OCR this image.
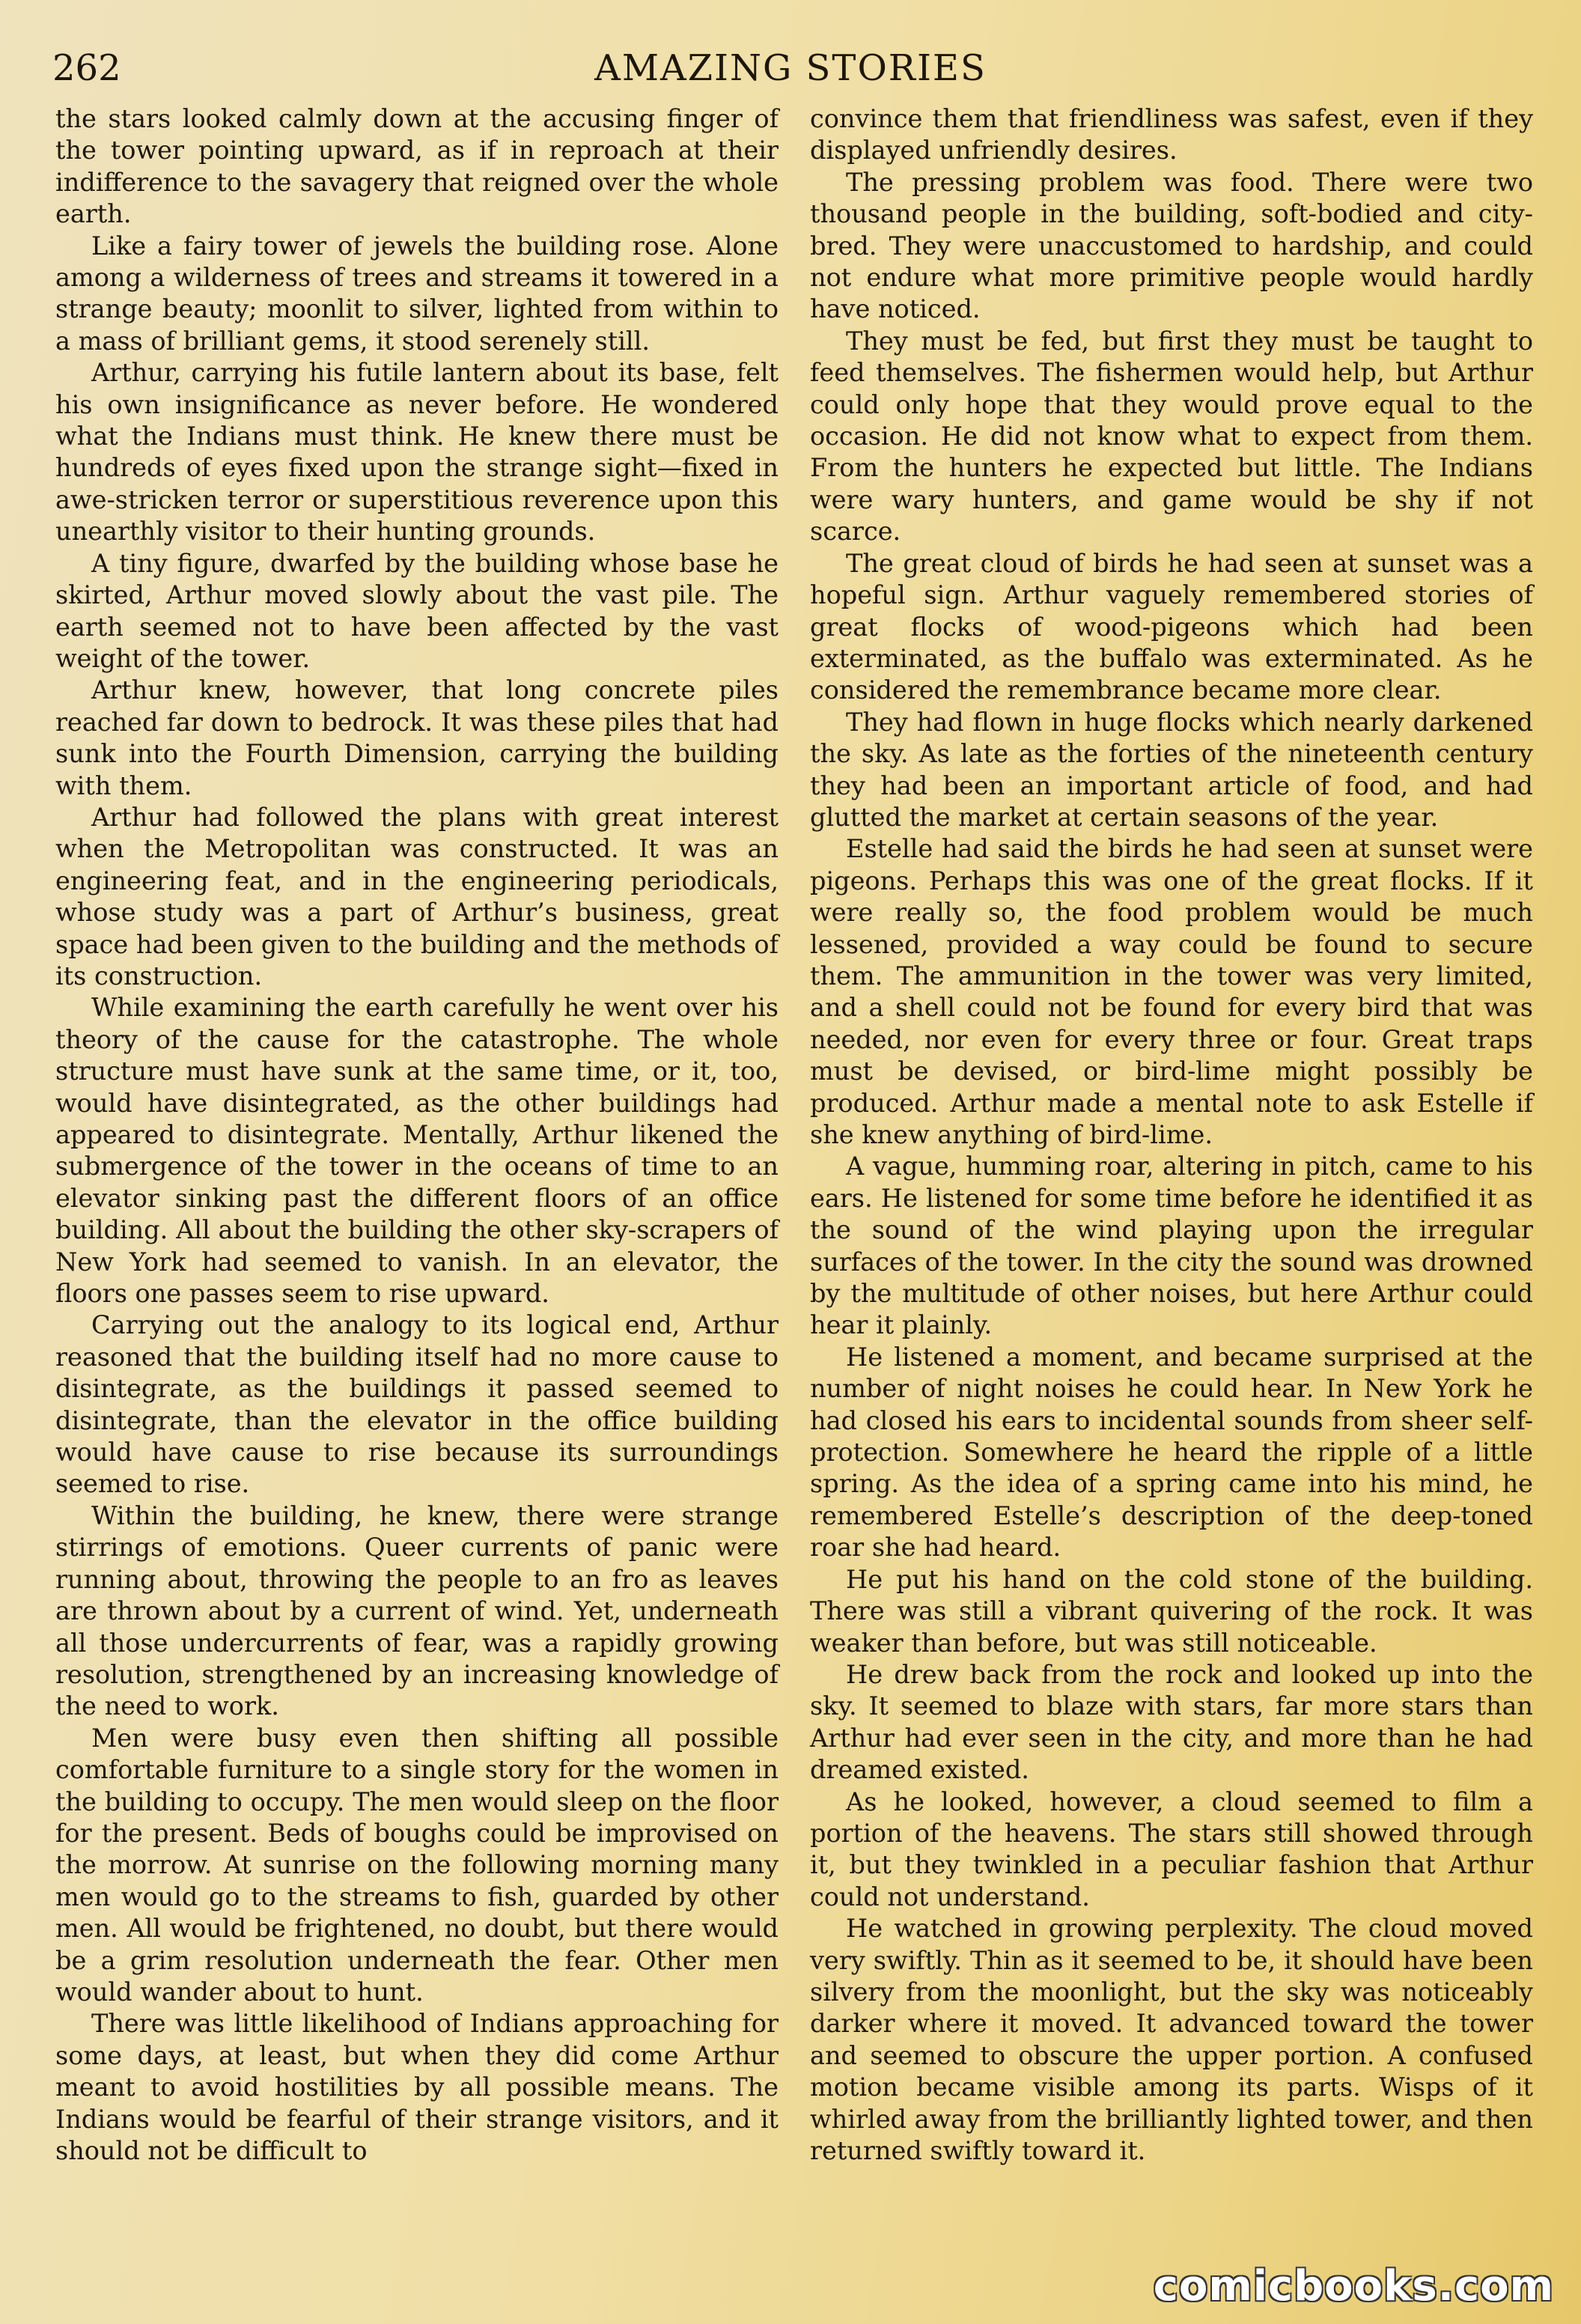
262	AMAZING STORIES

the stars looked calmly down at the accusing finger of the tower pointing upward, as if in reproach at their indifference to the savagery that reigned over the whole earth.

Like a fairy tower of jewels the building rose. Alone among a wilderness of trees and streams it towered in a strange beauty; moonlit to silver, lighted from within to a mass of brilliant gems, it stood serenely still.

Arthur, carrying his futile lantern about its base, felt his own insignificance as never before. He wondered what the Indians must think. He knew there must be hundreds of eyes fixed upon the strange sight—fixed in awe-stricken terror or superstitious reverence upon this unearthly visitor to their hunting grounds.

A tiny figure, dwarfed by the building whose base he skirted, Arthur moved slowly about the vast pile. The earth seemed not to have been affected by the vast weight of the tower.

Arthur knew, however, that long concrete piles reached far down to bedrock. It was these piles that had sunk into the Fourth Dimension, carrying the building with them.

Arthur had followed the plans with great interest when the Metropolitan was constructed. It was an engineering feat, and in the engineering periodicals, whose study was a part of Arthur’s business, great space had been given to the building and the methods of its construction.

While examining the earth carefully he went over his theory of the cause for the catastrophe. The whole structure must have sunk at the same time, or it, too, would have disintegrated, as the other buildings had appeared to disintegrate. Mentally, Arthur likened the submergence of the tower in the oceans of time to an elevator sinking past the different floors of an office building. All about the building the other sky-scrapers of New York had seemed to vanish. In an elevator, the floors one passes seem to rise upward.

Carrying out the analogy to its logical end, Arthur reasoned that the building itself had no more cause to disintegrate, as the buildings it passed seemed to disintegrate, than the elevator in the office building would have cause to rise because its surroundings seemed to rise.

Within the building, he knew, there were strange stirrings of emotions. Queer currents of panic were running about, throwing the people to an fro as leaves are thrown about by a current of wind. Yet, underneath all those undercurrents of fear, was a rapidly growing resolution, strengthened by an increasing knowledge of the need to work.

Men were busy even then shifting all possible comfortable furniture to a single story for the women in the building to occupy. The men would sleep on the floor for the present. Beds of boughs could be improvised on the morrow. At sunrise on the following morning many men would go to the streams to fish, guarded by other men. All would be frightened, no doubt, but there would be a grim resolution underneath the fear. Other men would wander about to hunt.

There was little likelihood of Indians approaching for some days, at least, but when they did come Arthur meant to avoid hostilities by all possible means. The Indians would be fearful of their strange visitors, and it should not be difficult to

convince them that friendliness was safest, even if they displayed unfriendly desires.

The pressing problem was food. There were two thousand people in the building, soft-bodied and city-bred. They were unaccustomed to hardship, and could not endure what more primitive people would hardly have noticed.

They must be fed, but first they must be taught to feed themselves. The fishermen would help, but Arthur could only hope that they would prove equal to the occasion. He did not know what to expect from them. From the hunters he expected but little. The Indians were wary hunters, and game would be shy if not scarce.

The great cloud of birds he had seen at sunset was a hopeful sign. Arthur vaguely remembered stories of great flocks of wood-pigeons which had been exterminated, as the buffalo was exterminated. As he considered the remembrance became more clear.

They had flown in huge flocks which nearly darkened the sky. As late as the forties of the nineteenth century they had been an important article of food, and had glutted the market at certain seasons of the year.

Estelle had said the birds he had seen at sunset were pigeons. Perhaps this was one of the great flocks. If it were really so, the food problem would be much lessened, provided a way could be found to secure them. The ammunition in the tower was very limited, and a shell could not be found for every bird that was needed, nor even for every three or four. Great traps must be devised, or bird-lime might possibly be produced. Arthur made a mental note to ask Estelle if she knew anything of bird-lime.

A vague, humming roar, altering in pitch, came to his ears. He listened for some time before he identified it as the sound of the wind playing upon the irregular surfaces of the tower. In the city the sound was drowned by the multitude of other noises, but here Arthur could hear it plainly.

He listened a moment, and became surprised at the number of night noises he could hear. In New York he had closed his ears to incidental sounds from sheer self-protection. Somewhere he heard the ripple of a little spring. As the idea of a spring came into his mind, he remembered Estelle’s description of the deep-toned roar she had heard.

He put his hand on the cold stone of the building. There was still a vibrant quivering of the rock. It was weaker than before, but was still noticeable.

He drew back from the rock and looked up into the sky. It seemed to blaze with stars, far more stars than Arthur had ever seen in the city, and more than he had dreamed existed.

As he looked, however, a cloud seemed to film a portion of the heavens. The stars still showed through it, but they twinkled in a peculiar fashion that Arthur could not understand.

He watched in growing perplexity. The cloud moved very swiftly. Thin as it seemed to be, it should have been silvery from the moonlight, but the sky was noticeably darker where it moved. It advanced toward the tower and seemed to obscure the upper portion. A confused motion became visible among its parts. Wisps of it whirled away from the brilliantly lighted tower, and then returned swiftly toward it.

comicbooks.com
